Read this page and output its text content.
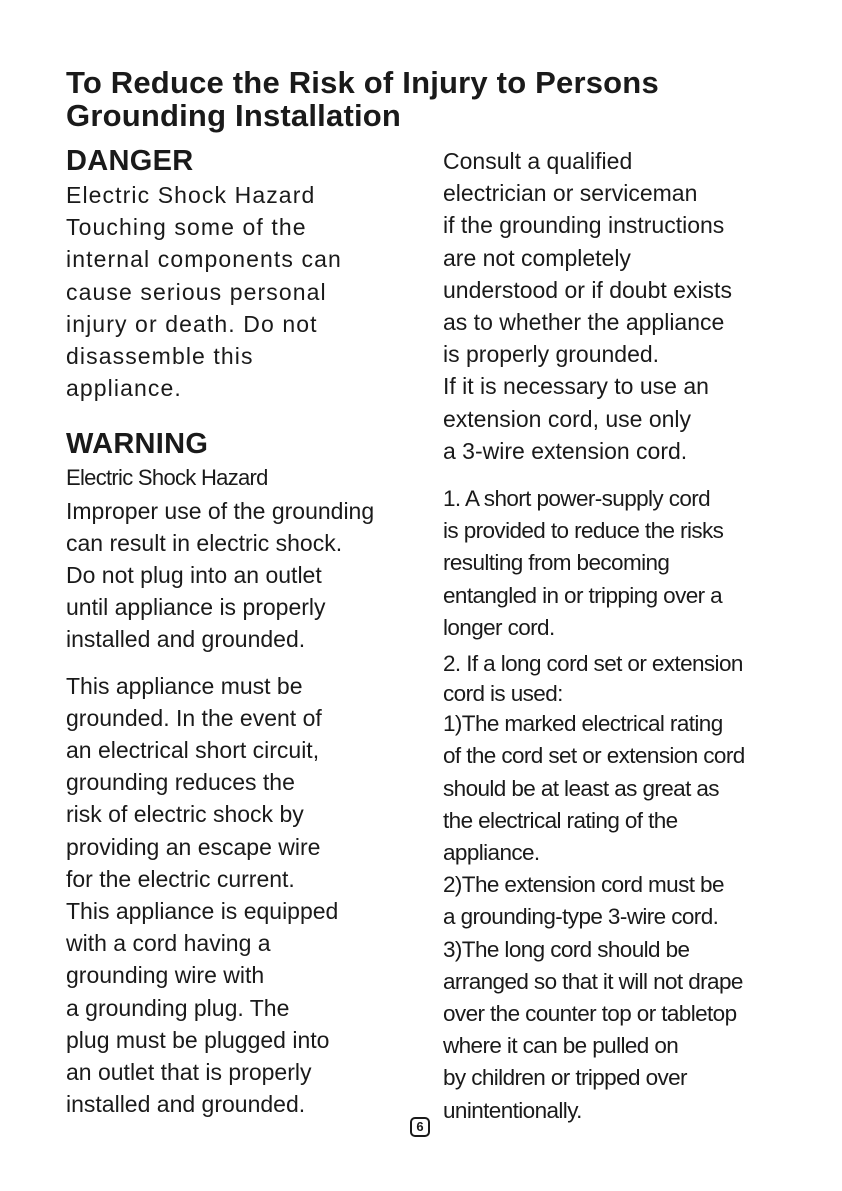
To Reduce the Risk of Injury to Persons
Grounding Installation
DANGER
Electric Shock Hazard
Touching some of the
internal components can
cause serious personal
injury or death. Do not
disassemble this
appliance.
WARNING
Electric Shock Hazard
Improper use of the grounding
can result in electric shock.
Do not plug into an outlet
until appliance is properly
installed and grounded.
This appliance must be
grounded. In the event of
an electrical short circuit,
grounding reduces the
risk of electric shock by
providing an escape wire
for the electric current.
This appliance is equipped
with a cord having a
grounding wire with
a grounding plug. The
plug must be plugged into
an outlet that is properly
installed and grounded.
Consult a qualified
electrician or serviceman
if the grounding instructions
are not completely
understood or if doubt exists
as to whether the appliance
is properly grounded.
If it is necessary to use an
extension cord, use only
a 3-wire extension cord.
1. A short power-supply cord
is provided to reduce the risks
resulting from becoming
entangled in or tripping over a
longer cord.
2. If a long cord set or extension
cord is used:
1)The marked electrical rating
of the cord set or extension cord
should be at least as great as
the electrical rating of the
appliance.
2)The extension cord must be
a grounding-type 3-wire cord.
3)The long cord should be
arranged so that it will not drape
over the counter top or tabletop
where it can be pulled on
by children or tripped over
unintentionally.
6
